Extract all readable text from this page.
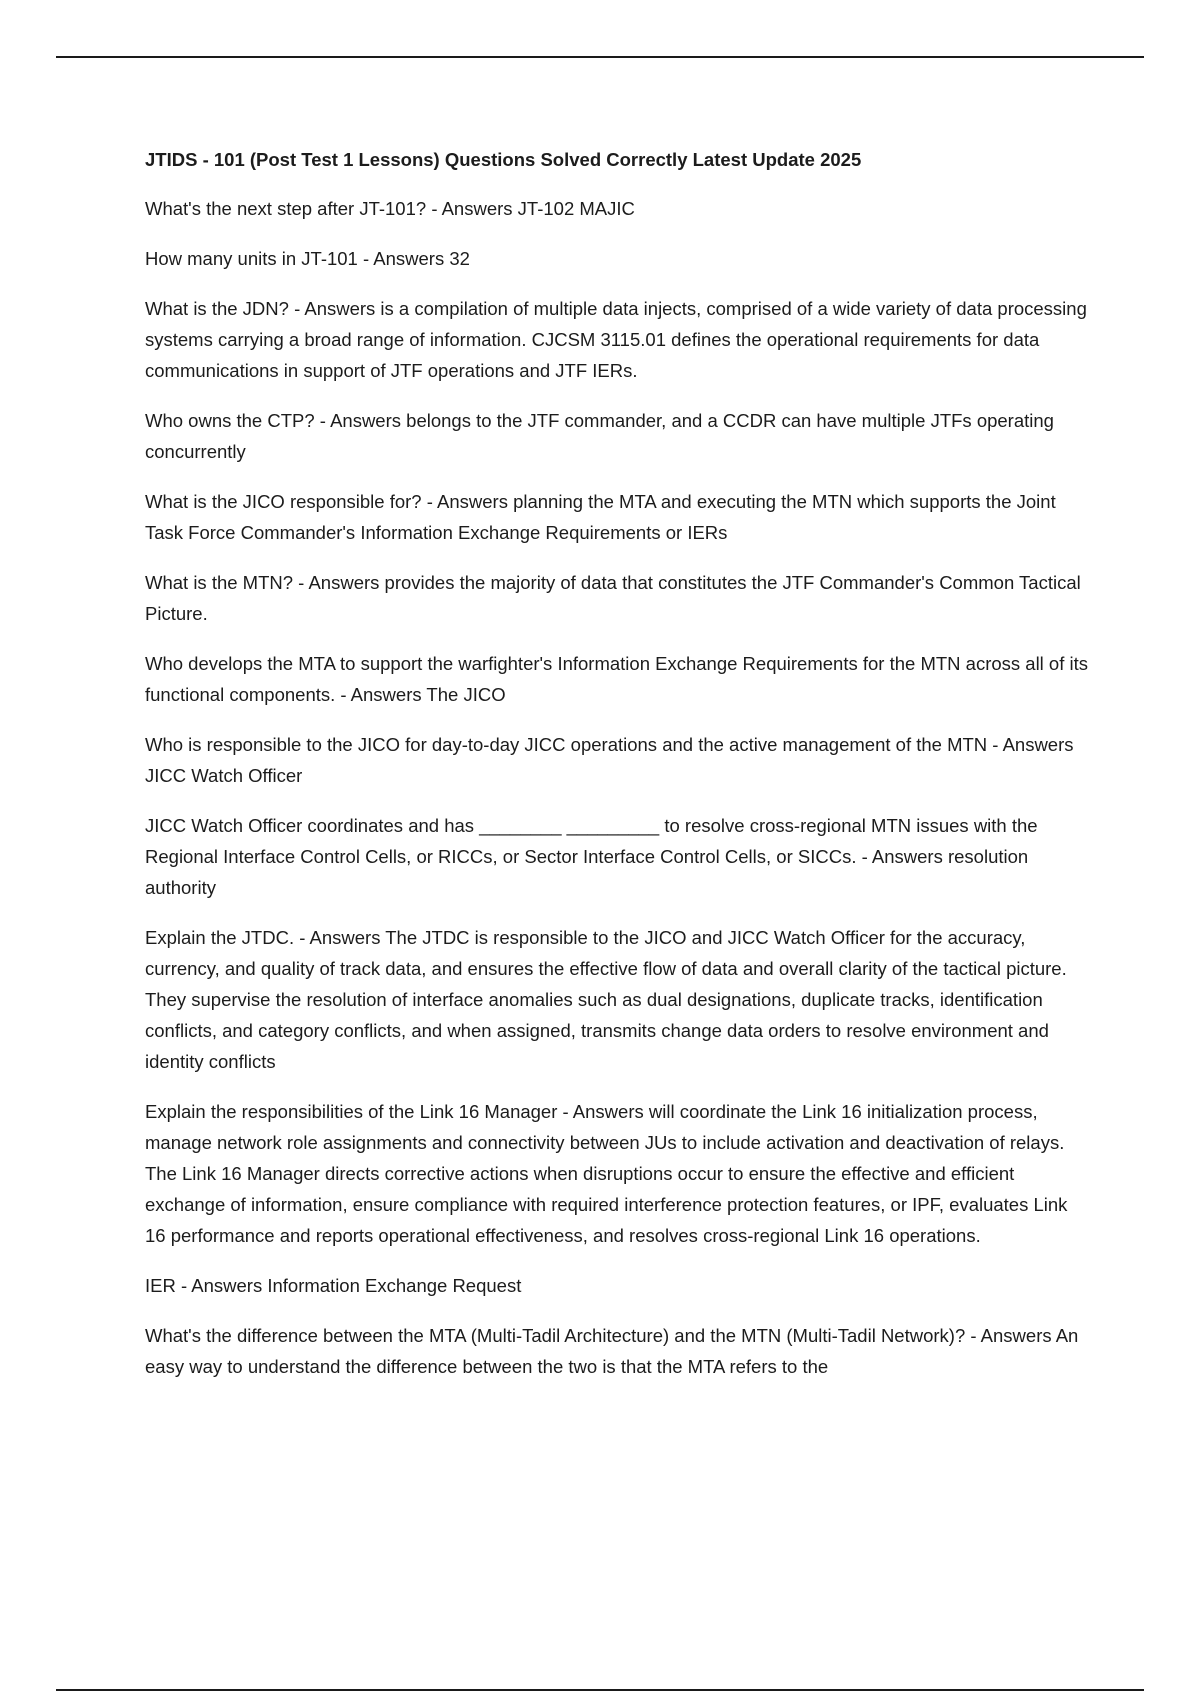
JTIDS - 101 (Post Test 1 Lessons) Questions Solved Correctly Latest Update 2025

What's the next step after JT-101? - Answers JT-102 MAJIC

How many units in JT-101 - Answers 32

What is the JDN? - Answers is a compilation of multiple data injects, comprised of a wide variety of data processing systems carrying a broad range of information. CJCSM 3115.01 defines the operational requirements for data communications in support of JTF operations and JTF IERs.

Who owns the CTP? - Answers belongs to the JTF commander, and a CCDR can have multiple JTFs operating concurrently

What is the JICO responsible for? - Answers planning the MTA and executing the MTN which supports the Joint Task Force Commander's Information Exchange Requirements or IERs

What is the MTN? - Answers provides the majority of data that constitutes the JTF Commander's Common Tactical Picture.

Who develops the MTA to support the warfighter's Information Exchange Requirements for the MTN across all of its functional components. - Answers The JICO

Who is responsible to the JICO for day-to-day JICC operations and the active management of the MTN - Answers JICC Watch Officer

JICC Watch Officer coordinates and has ________ _________ to resolve cross-regional MTN issues with the Regional Interface Control Cells, or RICCs, or Sector Interface Control Cells, or SICCs. - Answers resolution authority

Explain the JTDC. - Answers The JTDC is responsible to the JICO and JICC Watch Officer for the accuracy, currency, and quality of track data, and ensures the effective flow of data and overall clarity of the tactical picture. They supervise the resolution of interface anomalies such as dual designations, duplicate tracks, identification conflicts, and category conflicts, and when assigned, transmits change data orders to resolve environment and identity conflicts

Explain the responsibilities of the Link 16 Manager - Answers will coordinate the Link 16 initialization process, manage network role assignments and connectivity between JUs to include activation and deactivation of relays. The Link 16 Manager directs corrective actions when disruptions occur to ensure the effective and efficient exchange of information, ensure compliance with required interference protection features, or IPF, evaluates Link 16 performance and reports operational effectiveness, and resolves cross-regional Link 16 operations.

IER - Answers Information Exchange Request

What's the difference between the MTA (Multi-Tadil Architecture) and the MTN (Multi-Tadil Network)? - Answers An easy way to understand the difference between the two is that the MTA refers to the
